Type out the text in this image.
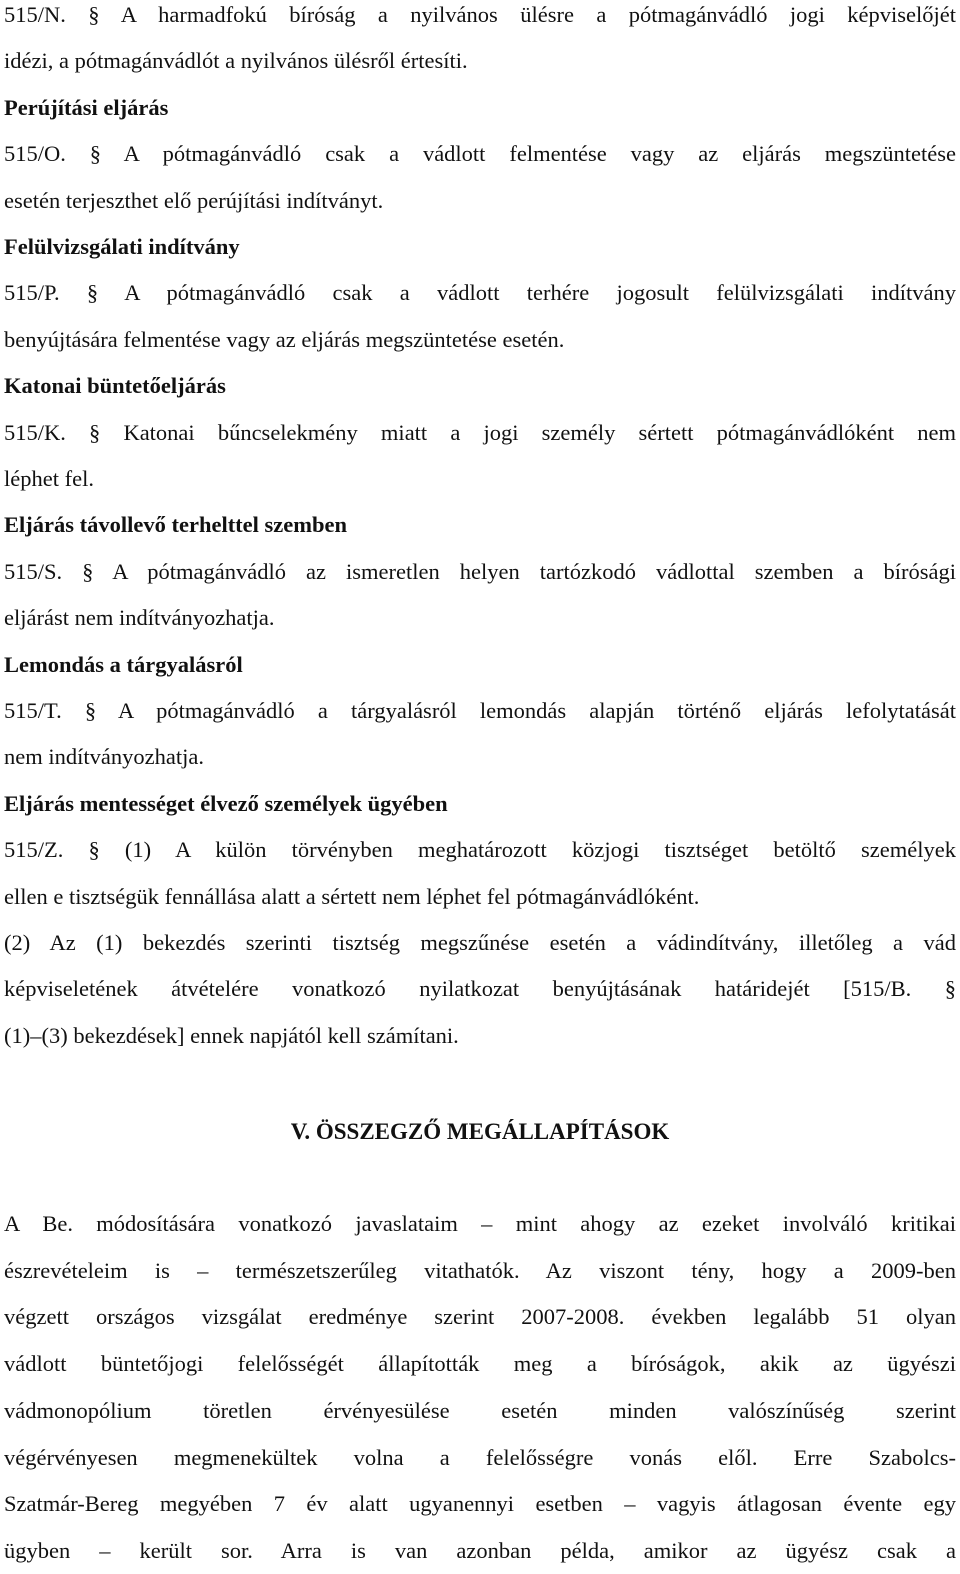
515/N. § A harmadfokú bíróság a nyilvános ülésre a pótmagánvádló jogi képviselőjét
idézi, a pótmagánvádlót a nyilvános ülésről értesíti.
Perújítási eljárás
515/O. § A pótmagánvádló csak a vádlott felmentése vagy az eljárás megszüntetése
esetén terjeszthet elő perújítási indítványt.
Felülvizsgálati indítvány
515/P. § A pótmagánvádló csak a vádlott terhére jogosult felülvizsgálati indítvány
benyújtására felmentése vagy az eljárás megszüntetése esetén.
Katonai büntetőeljárás
515/K. § Katonai bűncselekmény miatt a jogi személy sértett pótmagánvádlóként nem
léphet fel.
Eljárás távollevő terhelttel szemben
515/S. § A pótmagánvádló az ismeretlen helyen tartózkodó vádlottal szemben a bírósági
eljárást nem indítványozhatja.
Lemondás a tárgyalásról
515/T. § A pótmagánvádló a tárgyalásról lemondás alapján történő eljárás lefolytatását
nem indítványozhatja.
Eljárás mentességet élvező személyek ügyében
515/Z. § (1) A külön törvényben meghatározott közjogi tisztséget betöltő személyek
ellen e tisztségük fennállása alatt a sértett nem léphet fel pótmagánvádlóként.
(2) Az (1) bekezdés szerinti tisztség megszűnése esetén a vádindítvány, illetőleg a vád
képviseletének átvételére vonatkozó nyilatkozat benyújtásának határidejét [515/B. §
(1)–(3) bekezdések] ennek napjától kell számítani.
V. ÖSSZEGZŐ MEGÁLLAPÍTÁSOK
A Be. módosítására vonatkozó javaslataim – mint ahogy az ezeket involváló kritikai
észrevételeim is – természetszerűleg vitathatók. Az viszont tény, hogy a 2009-ben
végzett országos vizsgálat eredménye szerint 2007-2008. években legalább 51 olyan
vádlott büntetőjogi felelősségét állapították meg a bíróságok, akik az ügyészi
vádmonopólium töretlen érvényesülése esetén minden valószínűség szerint
végérvényesen megmenekültek volna a felelősségre vonás elől. Erre Szabolcs-
Szatmár-Bereg megyében 7 év alatt ugyanennyi esetben – vagyis átlagosan évente egy
ügyben – került sor. Arra is van azonban példa, amikor az ügyész csak a
